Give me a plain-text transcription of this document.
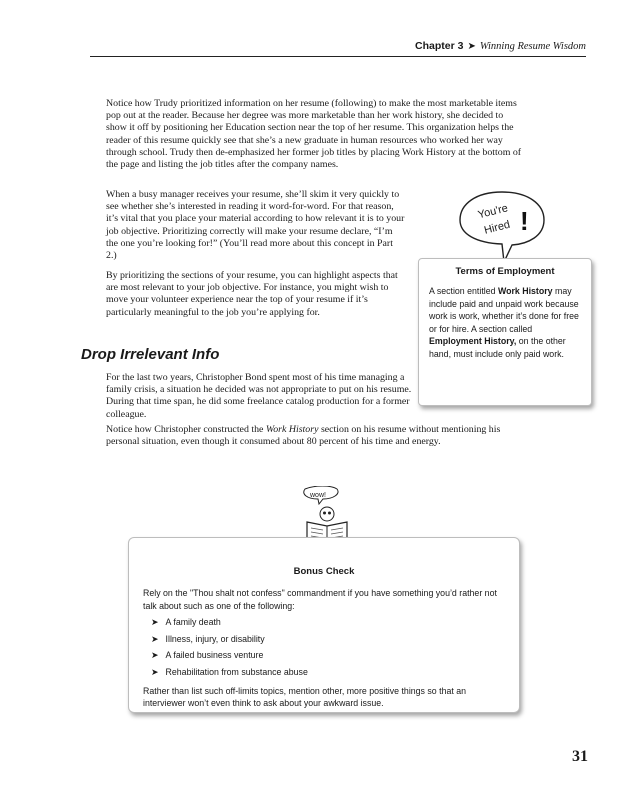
Chapter 3 ➤ Winning Resume Wisdom

Notice how Trudy prioritized information on her resume (following) to make the most marketable items pop out at the reader. Because her degree was more marketable than her work history, she decided to show it off by positioning her Education section near the top of her resume. This organization helps the reader of this resume quickly see that she’s a new graduate in human resources who worked her way through school. Trudy then de-emphasized her former job titles by placing Work History at the bottom of the page and listing the job titles after the company names.

When a busy manager receives your resume, she’ll skim it very quickly to see whether she’s interested in reading it word-for-word. For that reason, it’s vital that you place your material according to how relevant it is to your job objective. Prioritizing correctly will make your resume declare, “I’m the one you’re looking for!” (You’ll read more about this concept in Part 2.)

By prioritizing the sections of your resume, you can highlight aspects that are most relevant to your job objective. For instance, you might wish to move your volunteer experience near the top of your resume if it’s particularly meaningful to the job you’re applying for.

Drop Irrelevant Info

For the last two years, Christopher Bond spent most of his time managing a family crisis, a situation he decided was not appropriate to put on his resume. During that time span, he did some freelance catalog production for a former colleague.

Notice how Christopher constructed the Work History section on his resume without mentioning his personal situation, even though it consumed about 80 percent of his time and energy.

You're
Hired !
Terms of Employment
A section entitled Work History may include paid and unpaid work because work is work, whether it’s done for free or for hire. A section called Employment History, on the other hand, must include only paid work.
wow!
Bonus Check

Rely on the "Thou shalt not confess" commandment if you have something you’d rather not talk about such as one of the following:

➤ A family death
➤ Illness, injury, or disability
➤ A failed business venture
➤ Rehabilitation from substance abuse

Rather than list such off-limits topics, mention other, more positive things so that an interviewer won’t even think to ask about your awkward issue.

31
